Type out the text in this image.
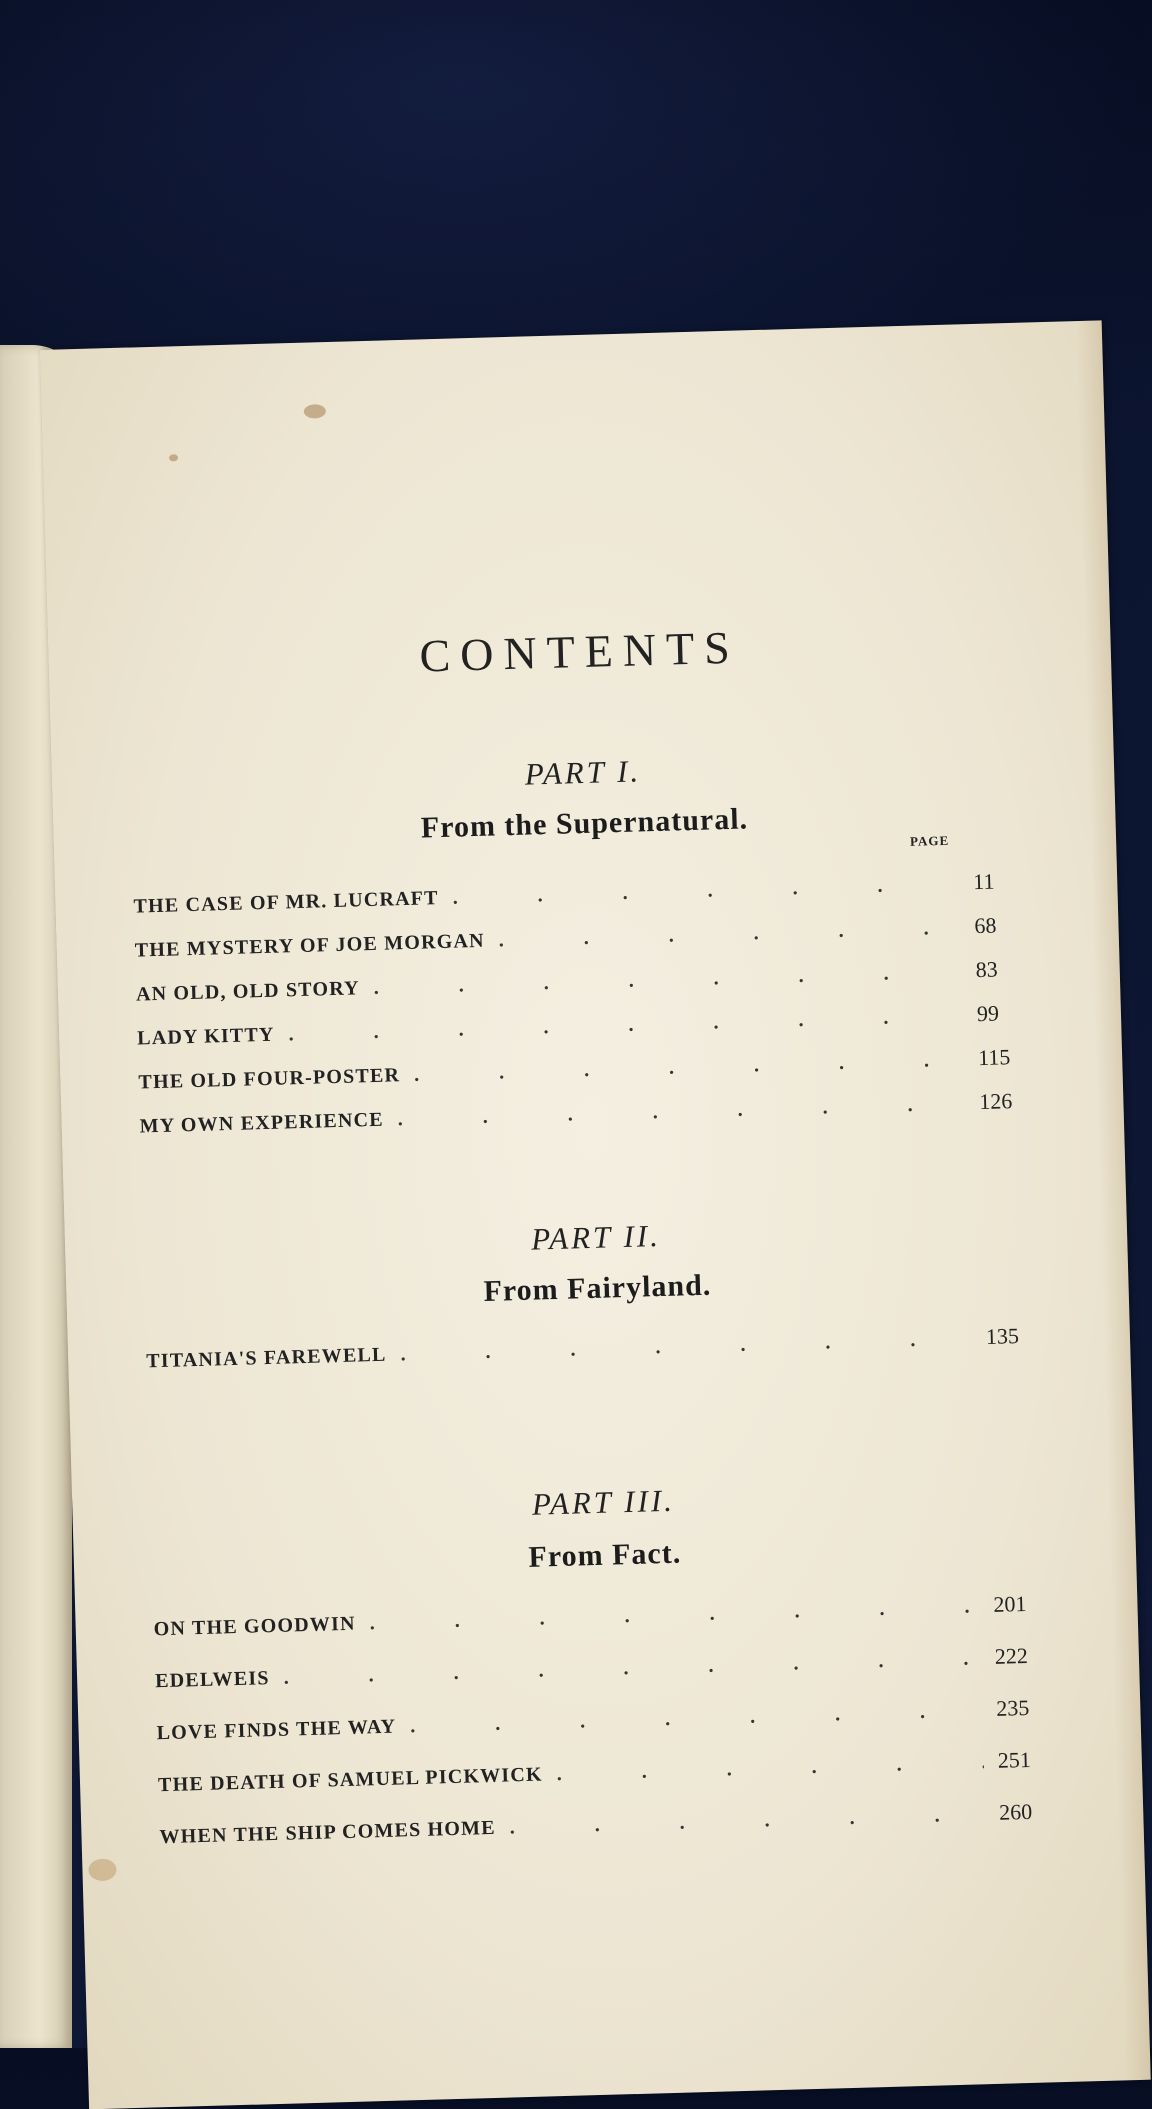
CONTENTS
PART I.
From the Supernatural.	PAGE
THE CASE OF MR. LUCRAFT
.
11
THE MYSTERY OF JOE MORGAN
.
68
AN OLD, OLD STORY
.
83
LADY KITTY
.
99
THE OLD FOUR-POSTER
.
115
MY OWN EXPERIENCE
.
126
PART II.
From Fairyland.
TITANIA'S FAREWELL
.
135
PART III.
From Fact.
ON THE GOODWIN
.
201
EDELWEIS
.
222
LOVE FINDS THE WAY
.
235
THE DEATH OF SAMUEL PICKWICK
.
251
WHEN THE SHIP COMES HOME
.
260
